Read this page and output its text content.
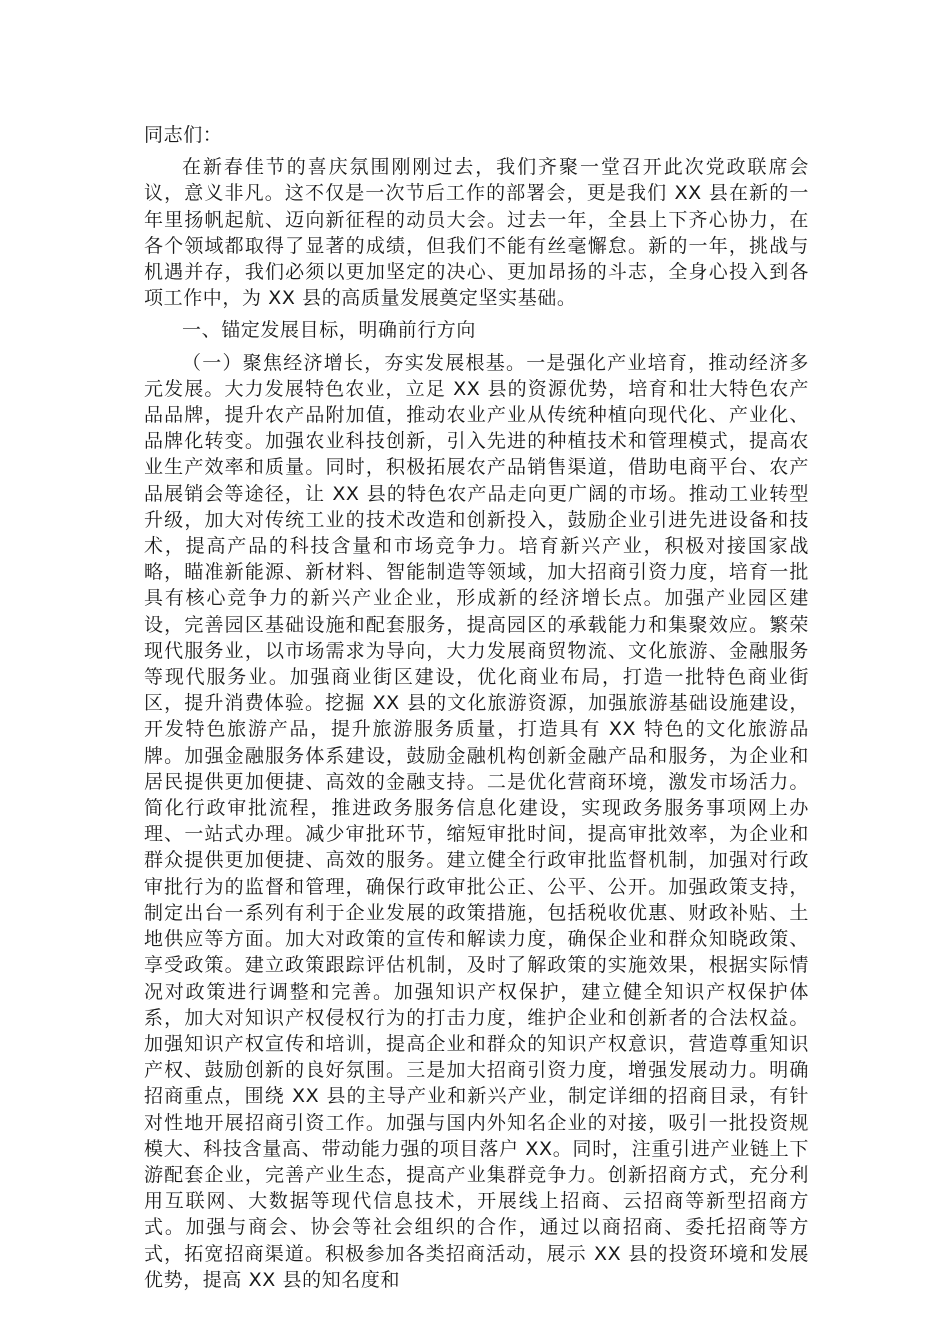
同志们：

在新春佳节的喜庆氛围刚刚过去，我们齐聚一堂召开此次党政联席会议，意义非凡。这不仅是一次节后工作的部署会，更是我们 XX 县在新的一年里扬帆起航、迈向新征程的动员大会。过去一年，全县上下齐心协力，在各个领域都取得了显著的成绩，但我们不能有丝毫懈怠。新的一年，挑战与机遇并存，我们必须以更加坚定的决心、更加昂扬的斗志，全身心投入到各项工作中，为 XX 县的高质量发展奠定坚实基础。

一、锚定发展目标，明确前行方向

（一）聚焦经济增长，夯实发展根基。一是强化产业培育，推动经济多元发展。大力发展特色农业，立足 XX 县的资源优势，培育和壮大特色农产品品牌，提升农产品附加值，推动农业产业从传统种植向现代化、产业化、品牌化转变。加强农业科技创新，引入先进的种植技术和管理模式，提高农业生产效率和质量。同时，积极拓展农产品销售渠道，借助电商平台、农产品展销会等途径，让 XX 县的特色农产品走向更广阔的市场。推动工业转型升级，加大对传统工业的技术改造和创新投入，鼓励企业引进先进设备和技术，提高产品的科技含量和市场竞争力。培育新兴产业，积极对接国家战略，瞄准新能源、新材料、智能制造等领域，加大招商引资力度，培育一批具有核心竞争力的新兴产业企业，形成新的经济增长点。加强产业园区建设，完善园区基础设施和配套服务，提高园区的承载能力和集聚效应。繁荣现代服务业，以市场需求为导向，大力发展商贸物流、文化旅游、金融服务等现代服务业。加强商业街区建设，优化商业布局，打造一批特色商业街区，提升消费体验。挖掘 XX 县的文化旅游资源，加强旅游基础设施建设，开发特色旅游产品，提升旅游服务质量，打造具有 XX 特色的文化旅游品牌。加强金融服务体系建设，鼓励金融机构创新金融产品和服务，为企业和居民提供更加便捷、高效的金融支持。二是优化营商环境，激发市场活力。简化行政审批流程，推进政务服务信息化建设，实现政务服务事项网上办理、一站式办理。减少审批环节，缩短审批时间，提高审批效率，为企业和群众提供更加便捷、高效的服务。建立健全行政审批监督机制，加强对行政审批行为的监督和管理，确保行政审批公正、公平、公开。加强政策支持，制定出台一系列有利于企业发展的政策措施，包括税收优惠、财政补贴、土地供应等方面。加大对政策的宣传和解读力度，确保企业和群众知晓政策、享受政策。建立政策跟踪评估机制，及时了解政策的实施效果，根据实际情况对政策进行调整和完善。加强知识产权保护，建立健全知识产权保护体系，加大对知识产权侵权行为的打击力度，维护企业和创新者的合法权益。加强知识产权宣传和培训，提高企业和群众的知识产权意识，营造尊重知识产权、鼓励创新的良好氛围。三是加大招商引资力度，增强发展动力。明确招商重点，围绕 XX 县的主导产业和新兴产业，制定详细的招商目录，有针对性地开展招商引资工作。加强与国内外知名企业的对接，吸引一批投资规模大、科技含量高、带动能力强的项目落户 XX。同时，注重引进产业链上下游配套企业，完善产业生态，提高产业集群竞争力。创新招商方式，充分利用互联网、大数据等现代信息技术，开展线上招商、云招商等新型招商方式。加强与商会、协会等社会组织的合作，通过以商招商、委托招商等方式，拓宽招商渠道。积极参加各类招商活动，展示 XX 县的投资环境和发展优势，提高 XX 县的知名度和
